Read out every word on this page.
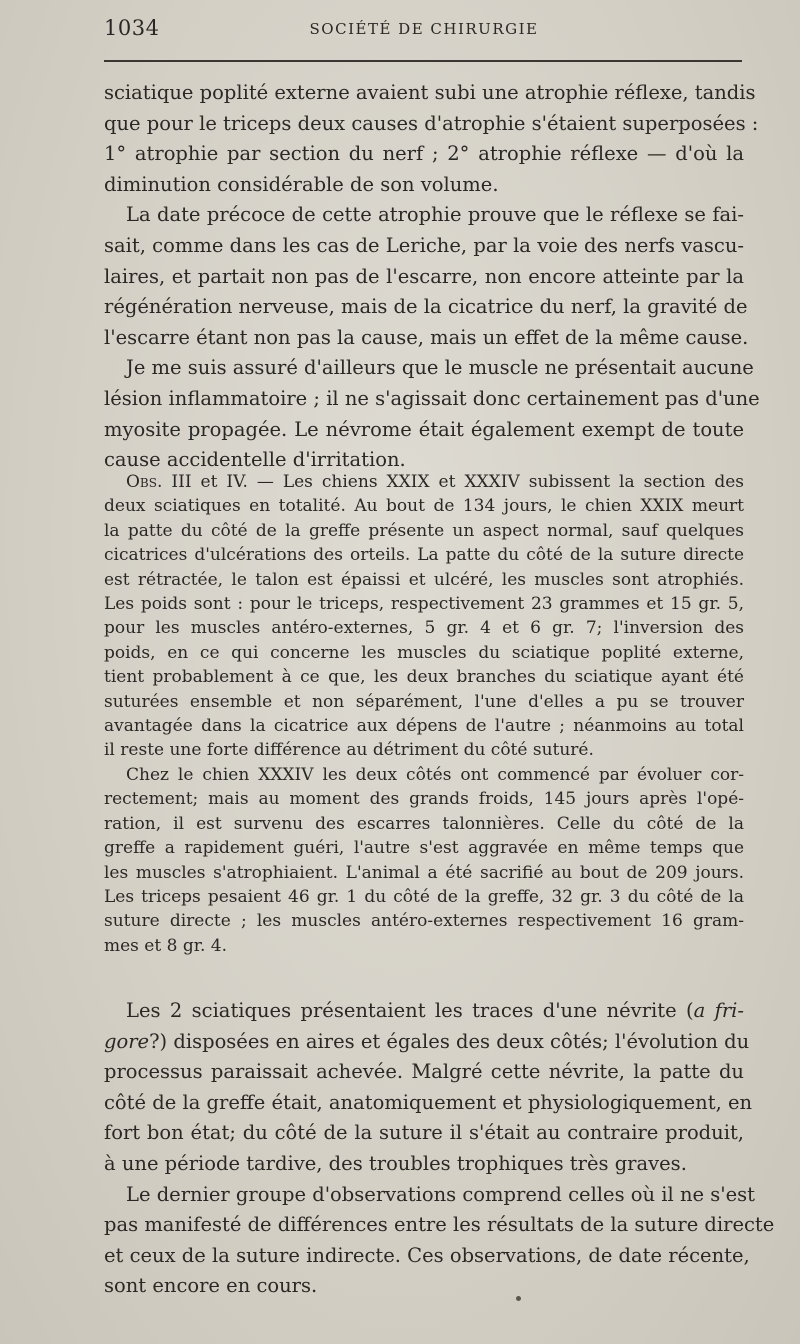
1034	SOCIÉTÉ DE CHIRURGIE
sciatique poplité externe avaient subi une atrophie réflexe, tandis
que pour le triceps deux causes d'atrophie s'étaient superposées :
1° atrophie par section du nerf ; 2° atrophie réflexe — d'où la
diminution considérable de son volume.
La date précoce de cette atrophie prouve que le réflexe se fai-
sait, comme dans les cas de Leriche, par la voie des nerfs vascu-
laires, et partait non pas de l'escarre, non encore atteinte par la
régénération nerveuse, mais de la cicatrice du nerf, la gravité de
l'escarre étant non pas la cause, mais un effet de la même cause.
Je me suis assuré d'ailleurs que le muscle ne présentait aucune
lésion inflammatoire ; il ne s'agissait donc certainement pas d'une
myosite propagée. Le névrome était également exempt de toute
cause accidentelle d'irritation.
Obs. III et IV. — Les chiens XXIX et XXXIV subissent la section des
deux sciatiques en totalité. Au bout de 134 jours, le chien XXIX meurt
la patte du côté de la greffe présente un aspect normal, sauf quelques
cicatrices d'ulcérations des orteils. La patte du côté de la suture directe
est rétractée, le talon est épaissi et ulcéré, les muscles sont atrophiés.
Les poids sont : pour le triceps, respectivement 23 grammes et 15 gr. 5,
pour les muscles antéro-externes, 5 gr. 4 et 6 gr. 7; l'inversion des
poids, en ce qui concerne les muscles du sciatique poplité externe,
tient probablement à ce que, les deux branches du sciatique ayant été
suturées ensemble et non séparément, l'une d'elles a pu se trouver
avantagée dans la cicatrice aux dépens de l'autre ; néanmoins au total
il reste une forte différence au détriment du côté suturé.
Chez le chien XXXIV les deux côtés ont commencé par évoluer cor-
rectement; mais au moment des grands froids, 145 jours après l'opé-
ration, il est survenu des escarres talonnières. Celle du côté de la
greffe a rapidement guéri, l'autre s'est aggravée en même temps que
les muscles s'atrophiaient. L'animal a été sacrifié au bout de 209 jours.
Les triceps pesaient 46 gr. 1 du côté de la greffe, 32 gr. 3 du côté de la
suture directe ; les muscles antéro-externes respectivement 16 gram-
mes et 8 gr. 4.
Les 2 sciatiques présentaient les traces d'une névrite (a fri-
gore?) disposées en aires et égales des deux côtés; l'évolution du
processus paraissait achevée. Malgré cette névrite, la patte du
côté de la greffe était, anatomiquement et physiologiquement, en
fort bon état; du côté de la suture il s'était au contraire produit,
à une période tardive, des troubles trophiques très graves.
Le dernier groupe d'observations comprend celles où il ne s'est
pas manifesté de différences entre les résultats de la suture directe
et ceux de la suture indirecte. Ces observations, de date récente,
sont encore en cours.
